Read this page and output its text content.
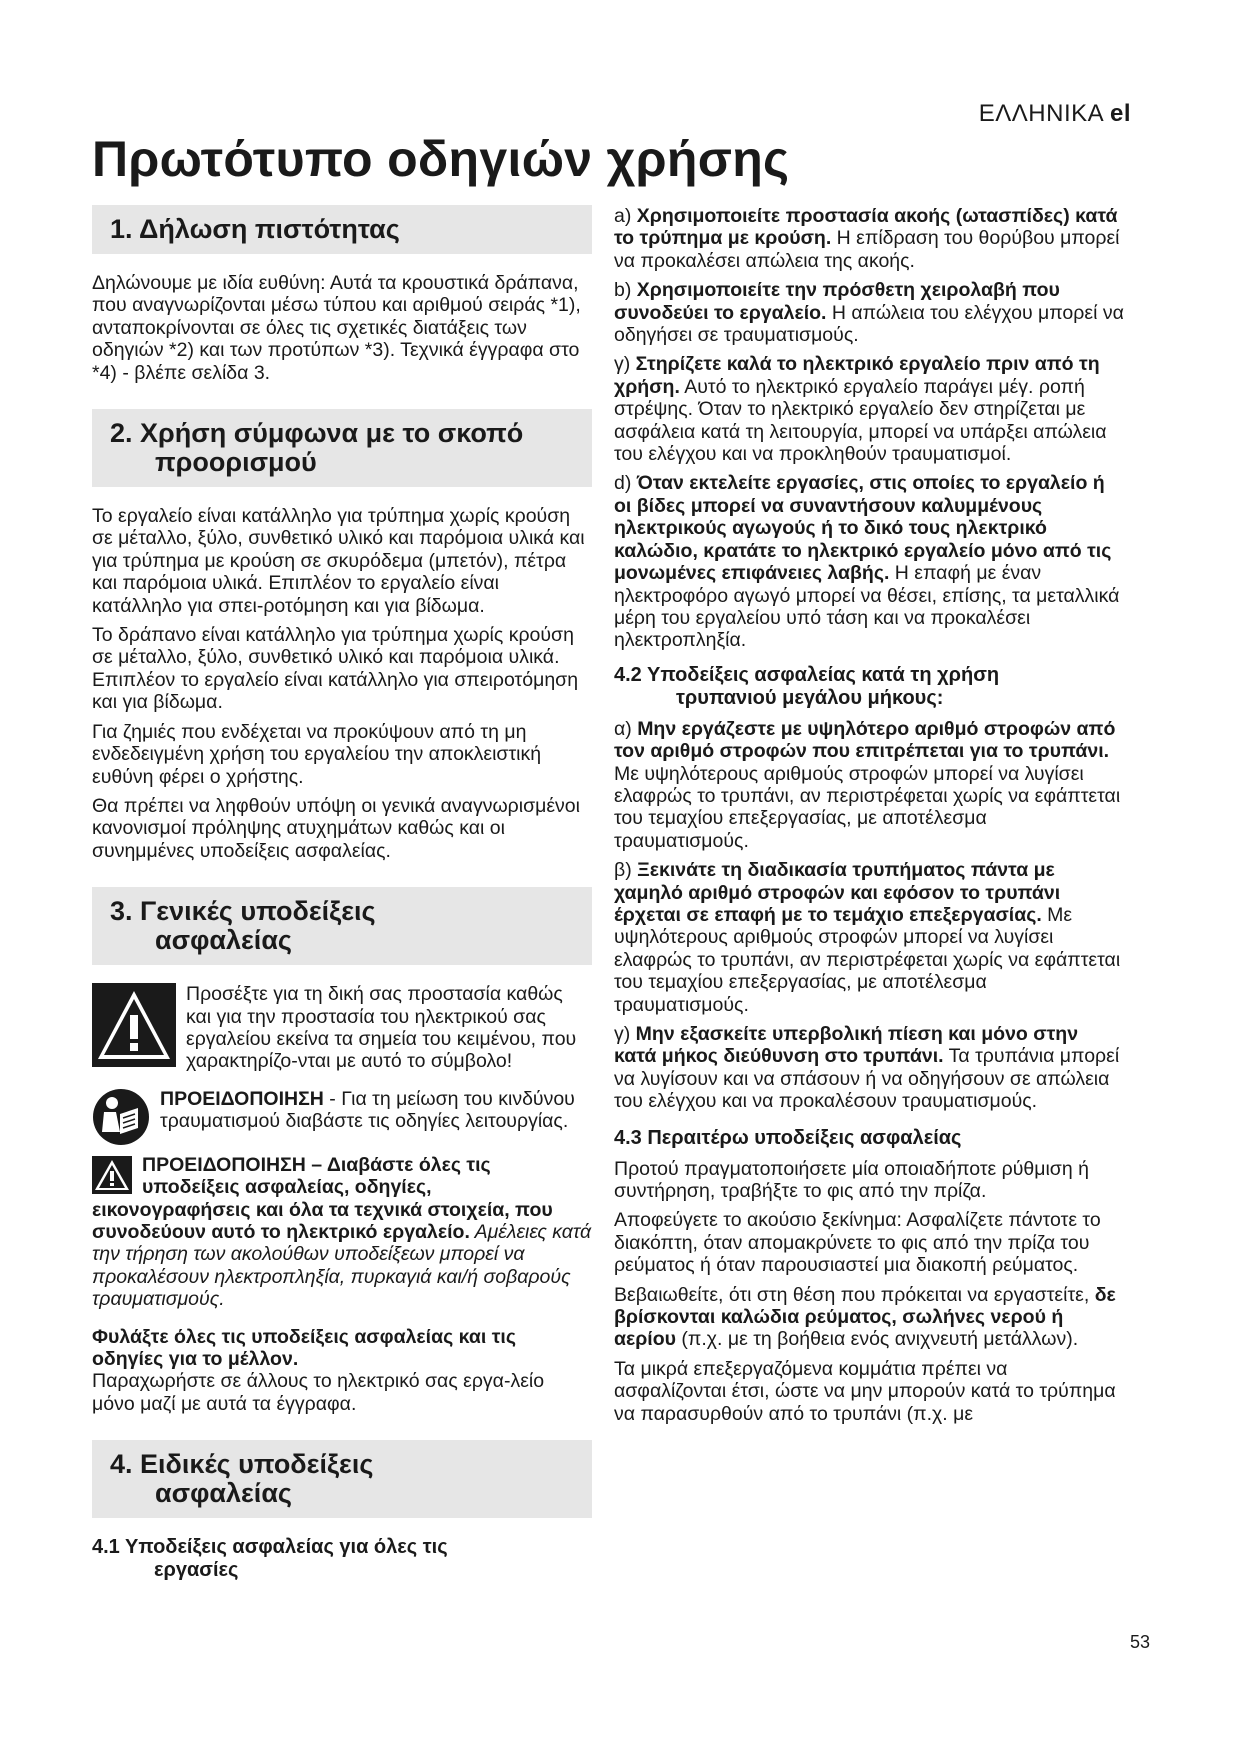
ΕΛΛΗΝΙΚΑ el
Πρωτότυπο οδηγιών χρήσης
1. Δήλωση πιστότητας

Δηλώνουμε με ιδία ευθύνη: Αυτά τα κρουστικά δράπανα, που αναγνωρίζονται μέσω τύπου και αριθμού σειράς *1), ανταποκρίνονται σε όλες τις σχετικές διατάξεις των οδηγιών *2) και των προτύπων *3). Τεχνικά έγγραφα στο *4) - βλέπε σελίδα 3.

2. Χρήση σύμφωνα με το σκοπό
προορισμού

Το εργαλείο είναι κατάλληλο για τρύπημα χωρίς κρούση σε μέταλλο, ξύλο, συνθετικό υλικό και παρόμοια υλικά και για τρύπημα με κρούση σε σκυρόδεμα (μπετόν), πέτρα και παρόμοια υλικά. Επιπλέον το εργαλείο είναι κατάλληλο για σπει-ροτόμηση και για βίδωμα.

Το δράπανο είναι κατάλληλο για τρύπημα χωρίς κρούση σε μέταλλο, ξύλο, συνθετικό υλικό και παρόμοια υλικά. Επιπλέον το εργαλείο είναι κατάλληλο για σπειροτόμηση και για βίδωμα.

Για ζημιές που ενδέχεται να προκύψουν από τη μη ενδεδειγμένη χρήση του εργαλείου την αποκλειστική ευθύνη φέρει ο χρήστης.

Θα πρέπει να ληφθούν υπόψη οι γενικά αναγνωρισμένοι κανονισμοί πρόληψης ατυχημάτων καθώς και οι συνημμένες υποδείξεις ασφαλείας.

3. Γενικές υποδείξεις
ασφαλείας

Προσέξτε για τη δική σας προστασία καθώς και για την προστασία του ηλεκτρικού σας εργαλείου εκείνα τα σημεία του κειμένου, που χαρακτηρίζο-νται με αυτό το σύμβολο!

ΠΡΟΕΙΔΟΠΟΙΗΣΗ - Για τη μείωση του κινδύνου τραυματισμού διαβάστε τις οδηγίες λειτουργίας.

ΠΡΟΕΙΔΟΠΟΙΗΣΗ – Διαβάστε όλες τις υποδείξεις ασφαλείας, οδηγίες, εικονογραφήσεις και όλα τα τεχνικά στοιχεία, που συνοδεύουν αυτό το ηλεκτρικό εργαλείο. Αμέλειες κατά την τήρηση των ακολούθων υποδείξεων μπορεί να προκαλέσουν ηλεκτροπληξία, πυρκαγιά και/ή σοβαρούς τραυματισμούς.

Φυλάξτε όλες τις υποδείξεις ασφαλείας και τις οδηγίες για το μέλλον.
Παραχωρήστε σε άλλους το ηλεκτρικό σας εργα-λείο μόνο μαζί με αυτά τα έγγραφα.

4. Ειδικές υποδείξεις
ασφαλείας
4.1 Υποδείξεις ασφαλείας για όλες τις
εργασίες

a) Χρησιμοποιείτε προστασία ακοής (ωτασπίδες) κατά το τρύπημα με κρούση. Η επίδραση του θορύβου μπορεί να προκαλέσει απώλεια της ακοής.

b) Χρησιμοποιείτε την πρόσθετη χειρολαβή που συνοδεύει το εργαλείο. Η απώλεια του ελέγχου μπορεί να οδηγήσει σε τραυματισμούς.

γ) Στηρίζετε καλά το ηλεκτρικό εργαλείο πριν από τη χρήση. Αυτό το ηλεκτρικό εργαλείο παράγει μέγ. ροπή στρέψης. Όταν το ηλεκτρικό εργαλείο δεν στηρίζεται με ασφάλεια κατά τη λειτουργία, μπορεί να υπάρξει απώλεια του ελέγχου και να προκληθούν τραυματισμοί.

d) Όταν εκτελείτε εργασίες, στις οποίες το εργαλείο ή οι βίδες μπορεί να συναντήσουν καλυμμένους ηλεκτρικούς αγωγούς ή το δικό τους ηλεκτρικό καλώδιο, κρατάτε το ηλεκτρικό εργαλείο μόνο από τις μονωμένες επιφάνειες λαβής. Η επαφή με έναν ηλεκτροφόρο αγωγό μπορεί να θέσει, επίσης, τα μεταλλικά μέρη του εργαλείου υπό τάση και να προκαλέσει ηλεκτροπληξία.

4.2 Υποδείξεις ασφαλείας κατά τη χρήση
τρυπανιού μεγάλου μήκους:

α) Μην εργάζεστε με υψηλότερο αριθμό στροφών από τον αριθμό στροφών που επιτρέπεται για το τρυπάνι. Με υψηλότερους αριθμούς στροφών μπορεί να λυγίσει ελαφρώς το τρυπάνι, αν περιστρέφεται χωρίς να εφάπτεται του τεμαχίου επεξεργασίας, με αποτέλεσμα τραυματισμούς.

β) Ξεκινάτε τη διαδικασία τρυπήματος πάντα με χαμηλό αριθμό στροφών και εφόσον το τρυπάνι έρχεται σε επαφή με το τεμάχιο επεξεργασίας. Με υψηλότερους αριθμούς στροφών μπορεί να λυγίσει ελαφρώς το τρυπάνι, αν περιστρέφεται χωρίς να εφάπτεται του τεμαχίου επεξεργασίας, με αποτέλεσμα τραυματισμούς.

γ) Μην εξασκείτε υπερβολική πίεση και μόνο στην κατά μήκος διεύθυνση στο τρυπάνι. Τα τρυπάνια μπορεί να λυγίσουν και να σπάσουν ή να οδηγήσουν σε απώλεια του ελέγχου και να προκαλέσουν τραυματισμούς.

4.3 Περαιτέρω υποδείξεις ασφαλείας

Προτού πραγματοποιήσετε μία οποιαδήποτε ρύθμιση ή συντήρηση, τραβήξτε το φις από την πρίζα.

Αποφεύγετε το ακούσιο ξεκίνημα: Ασφαλίζετε πάντοτε το διακόπτη, όταν απομακρύνετε το φις από την πρίζα του ρεύματος ή όταν παρουσιαστεί μια διακοπή ρεύματος.

Βεβαιωθείτε, ότι στη θέση που πρόκειται να εργαστείτε, δε βρίσκονται καλώδια ρεύματος, σωλήνες νερού ή αερίου (π.χ. με τη βοήθεια ενός ανιχνευτή μετάλλων).

Τα μικρά επεξεργαζόμενα κομμάτια πρέπει να ασφαλίζονται έτσι, ώστε να μην μπορούν κατά το τρύπημα να παρασυρθούν από το τρυπάνι (π.χ. με

53
